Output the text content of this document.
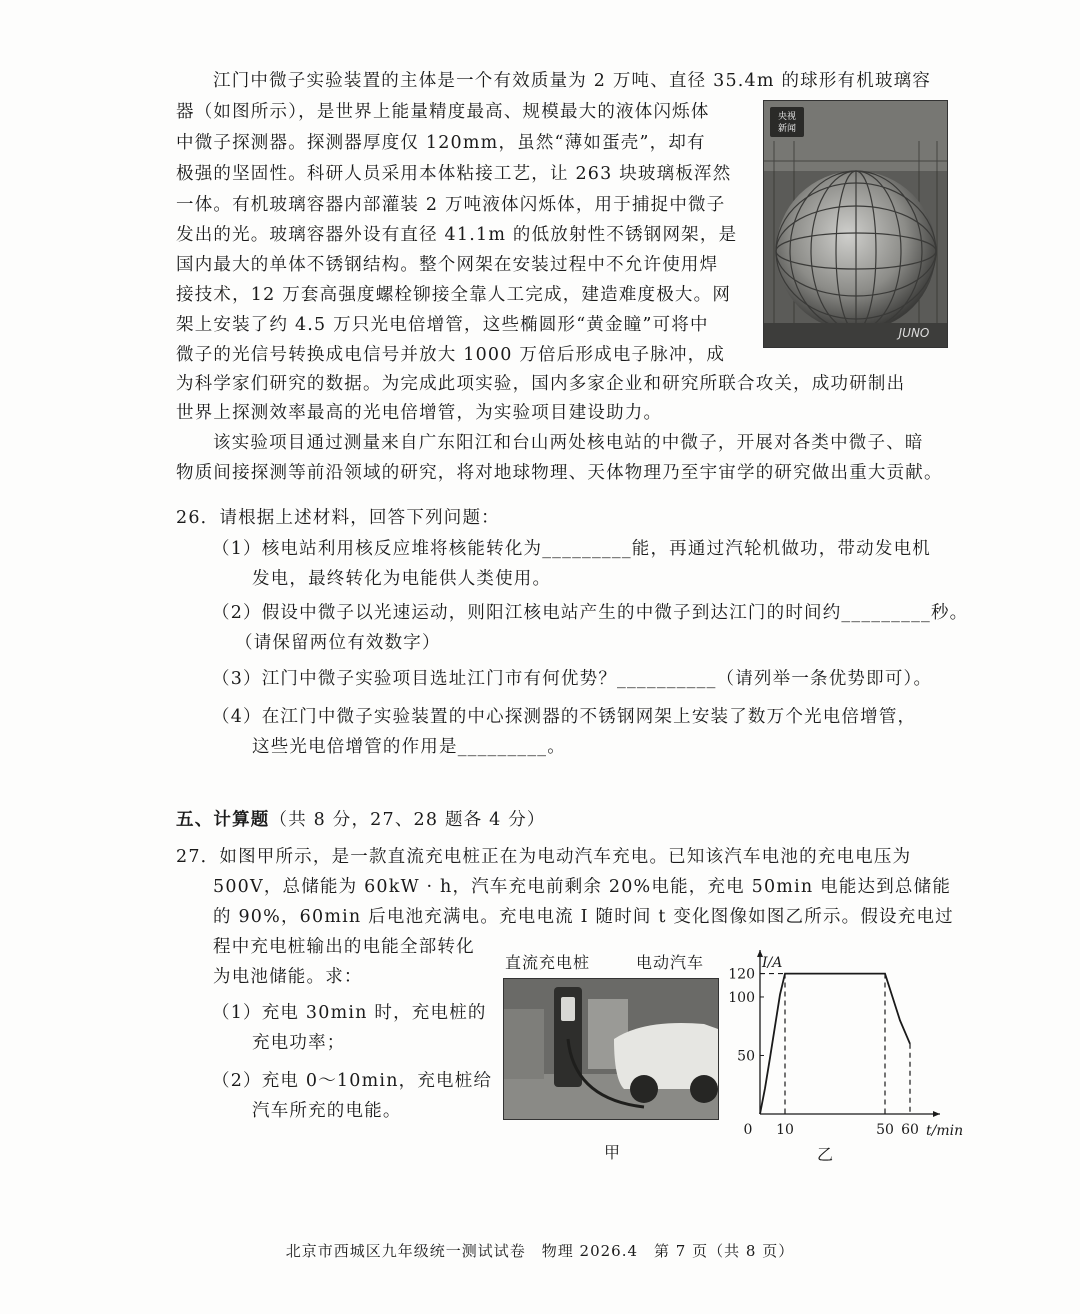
江门中微子实验装置的主体是一个有效质量为 2 万吨、直径 35.4m 的球形有机玻璃容
器（如图所示），是世界上能量精度最高、规模最大的液体闪烁体
中微子探测器。探测器厚度仅 120mm，虽然“薄如蛋壳”，却有
极强的坚固性。科研人员采用本体粘接工艺，让 263 块玻璃板浑然
一体。有机玻璃容器内部灌装 2 万吨液体闪烁体，用于捕捉中微子
发出的光。玻璃容器外设有直径 41.1m 的低放射性不锈钢网架，是
国内最大的单体不锈钢结构。整个网架在安装过程中不允许使用焊
接技术，12 万套高强度螺栓铆接全靠人工完成，建造难度极大。网
架上安装了约 4.5 万只光电倍增管，这些椭圆形“黄金瞳”可将中
微子的光信号转换成电信号并放大 1000 万倍后形成电子脉冲，成
为科学家们研究的数据。为完成此项实验，国内多家企业和研究所联合攻关，成功研制出
世界上探测效率最高的光电倍增管，为实验项目建设助力。
该实验项目通过测量来自广东阳江和台山两处核电站的中微子，开展对各类中微子、暗
物质间接探测等前沿领域的研究，将对地球物理、天体物理乃至宇宙学的研究做出重大贡献。
央视
新闻
JUNO
26．请根据上述材料，回答下列问题：
（1）核电站利用核反应堆将核能转化为_________能，再通过汽轮机做功，带动发电机
发电，最终转化为电能供人类使用。
（2）假设中微子以光速运动，则阳江核电站产生的中微子到达江门的时间约_________秒。
（请保留两位有效数字）
（3）江门中微子实验项目选址江门市有何优势？__________（请列举一条优势即可）。
（4）在江门中微子实验装置的中心探测器的不锈钢网架上安装了数万个光电倍增管，
这些光电倍增管的作用是_________。
五、计算题（共 8 分，27、28 题各 4 分）
27．如图甲所示，是一款直流充电桩正在为电动汽车充电。已知该汽车电池的充电电压为
500V，总储能为 60kW · h，汽车充电前剩余 20%电能，充电 50min 电能达到总储能
的 90%，60min 后电池充满电。充电电流 I 随时间 t 变化图像如图乙所示。假设充电过
程中充电桩输出的电能全部转化
为电池储能。求：
（1）充电 30min 时，充电桩的
充电功率；
（2）充电 0～10min，充电桩给
汽车所充的电能。
直流充电桩	电动汽车
甲
I/A
t/min
0 10	50 60
50
100
120
乙
北京市西城区九年级统一测试试卷　物理 2026.4　第 7 页（共 8 页）
